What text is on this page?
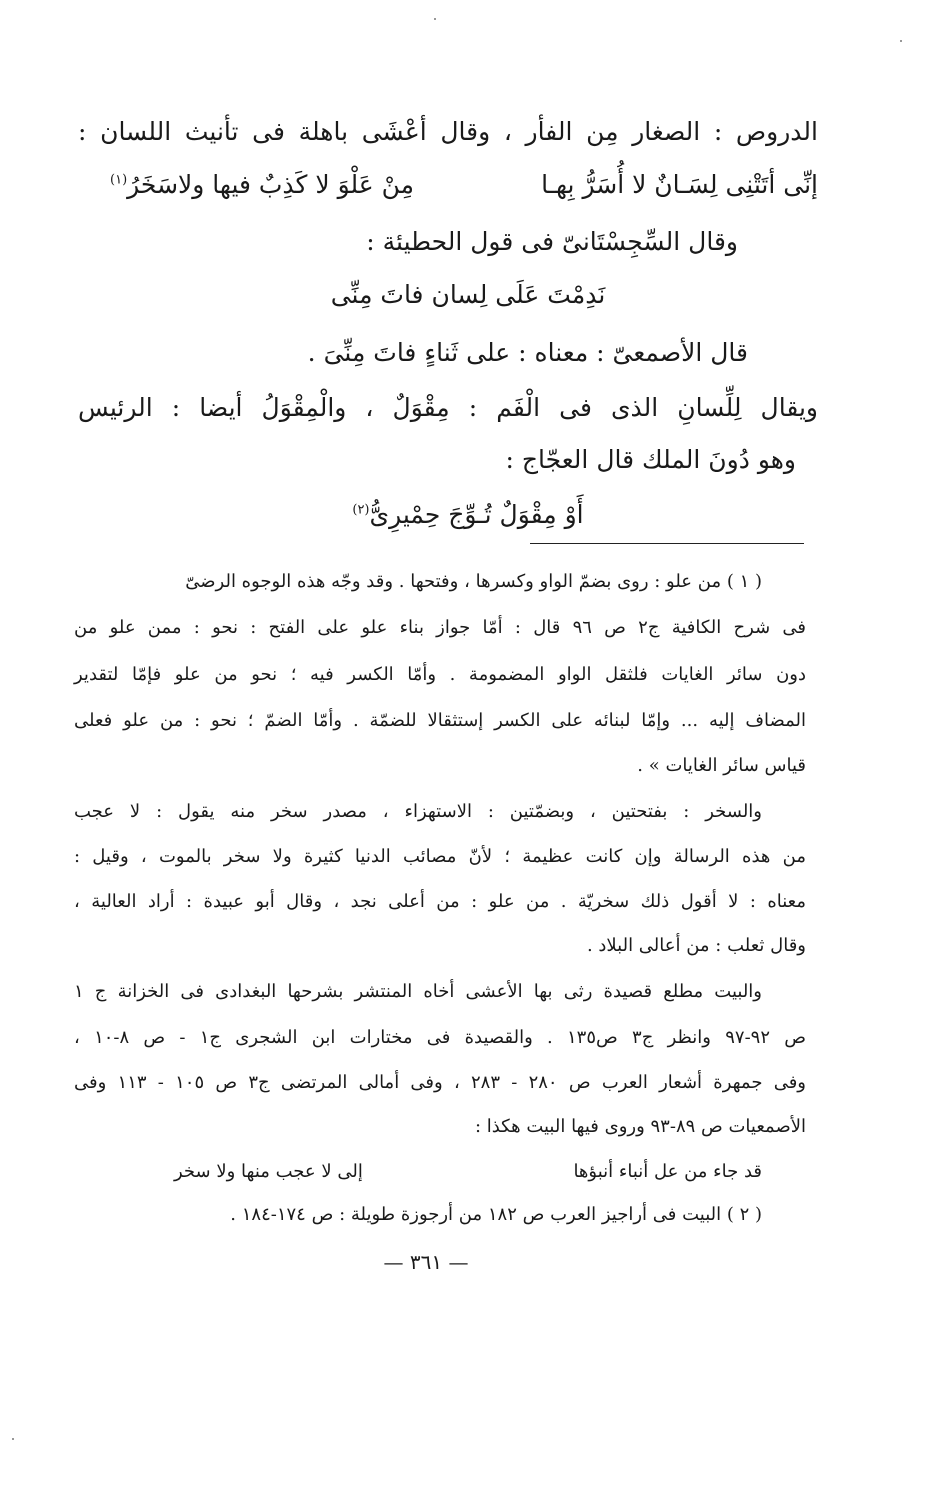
الدروص : الصغار مِن الفأر ، وقال أعْشَى باهلة فى تأنيث اللسان :
إنِّى أتَتْنِى لِسَـانٌ لا أُسَرُّ بِهـا
مِنْ عَلْوَ لا كَذِبٌ فيها ولاسَخَرُ$^{(١)}$
وقال السِّجِسْتَانىّ فى قول الحطيئة :
نَدِمْتَ عَلَى لِسان فاتَ مِنِّى
قال الأصمعىّ : معناه : على ثَناءٍ فاتَ مِنِّىَ .
ويقال لِلِّسانِ الذى فى الْفَم : مِقْوَلٌ ، والْمِقْوَلُ أيضا : الرئيس
وهو دُونَ الملك قال العجّاج :
أَوْ مِقْوَلٌ تُـوِّجَ حِمْيرِىُّ$^{(٢)}$
( ١ ) من علو : روى بضمّ الواو وكسرها ، وفتحها . وقد وجّه هذه الوجوه الرضىّ
فى شرح الكافية ج٢ ص ٩٦ قال : أمّا جواز بناء علو على الفتح : نحو : ممن علو من
دون سائر الغايات فلثقل الواو المضمومة . وأمّا الكسر فيه ؛ نحو من علو فإمّا لتقدير
المضاف إليه ... وإمّا لبنائه على الكسر إستثقالا للضمّة . وأمّا الضمّ ؛ نحو : من علو فعلى
قياس سائر الغايات » .
والسخر : بفتحتين ، وبضمّتين : الاستهزاء ، مصدر سخر منه يقول : لا عجب
من هذه الرسالة وإن كانت عظيمة ؛ لأنّ مصائب الدنيا كثيرة ولا سخر بالموت ، وقيل :
معناه : لا أقول ذلك سخريّة . من علو : من أعلى نجد ، وقال أبو عبيدة : أراد العالية ،
وقال ثعلب : من أعالى البلاد .
والبيت مطلع قصيدة رثى بها الأعشى أخاه المنتشر بشرحها البغدادى فى الخزانة ج ١
ص ٩٢-٩٧ وانظر ج٣ ص١٣٥ . والقصيدة فى مختارات ابن الشجرى ج١ - ص ٨-١٠ ،
وفى جمهرة أشعار العرب ص ٢٨٠ - ٢٨٣ ، وفى أمالى المرتضى ج٣ ص ١٠٥ - ١١٣ وفى
الأصمعيات ص ٨٩-٩٣ وروى فيها البيت هكذا :
قد جاء من عل أنباء أنبؤها
إلى لا عجب منها ولا سخر
( ٢ ) البيت فى أراجيز العرب ص ١٨٢ من أرجوزة طويلة : ص ١٧٤-١٨٤ .
— ٣٦١ —
